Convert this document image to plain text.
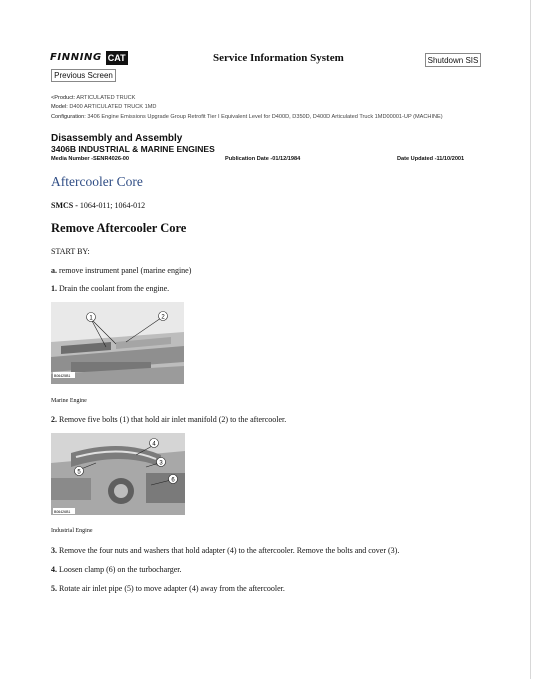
FINNING CAT
Previous Screen
Service Information System	Shutdown SIS
<Product: ARTICULATED TRUCK
Model: D400 ARTICULATED TRUCK 1MD
Configuration: 3406 Engine Emissions Upgrade Group Retrofit Tier I Equivalent Level for D400D, D350D, D400D Articulated Truck 1MD00001-UP (MACHINE)
Disassembly and Assembly
3406B INDUSTRIAL & MARINE ENGINES
Media Number -SENR4026-00	Publication Date -01/12/1984	Date Updated -11/10/2001
Aftercooler Core
SMCS - 1064-011; 1064-012
Remove Aftercooler Core
START BY:
a. remove instrument panel (marine engine)
1. Drain the coolant from the engine.
1	2
B06425B1
Marine Engine
2. Remove five bolts (1) that hold air inlet manifold (2) to the aftercooler.
4
3
6
5
B06426B1
Industrial Engine
3. Remove the four nuts and washers that hold adapter (4) to the aftercooler. Remove the bolts and cover (3).
4. Loosen clamp (6) on the turbocharger.
5. Rotate air inlet pipe (5) to move adapter (4) away from the aftercooler.
